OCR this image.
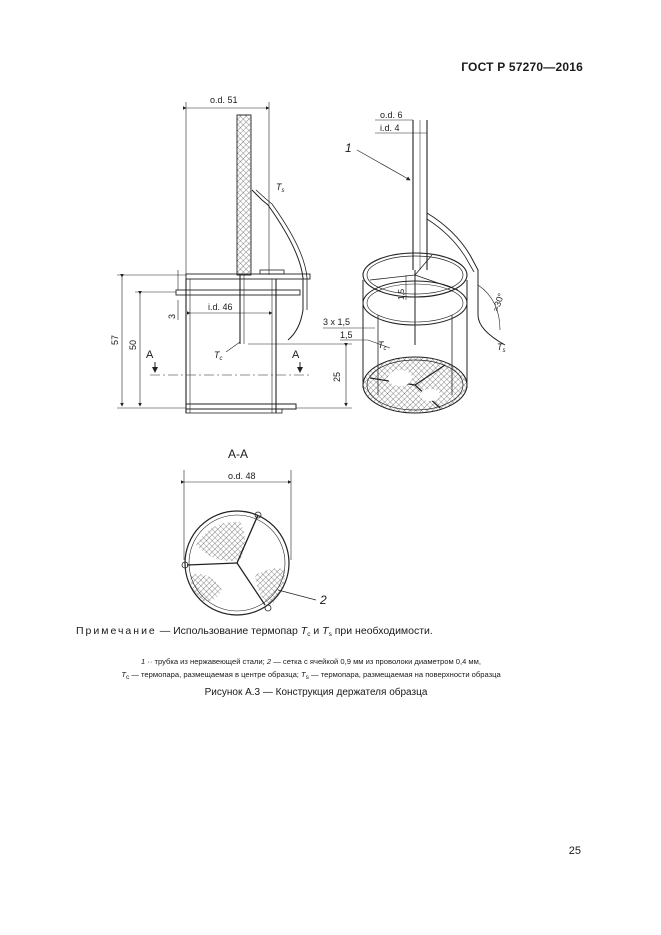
ГОСТ Р 57270—2016
o.d. 51
i.d. 46
57 50
3
25
А	А
$T_s$
$T_c$
1
o.d. 6
i.d. 4
1,5
3 x 1,5
1,5
≈30°
$T_s$
$T_c$
А-А
o.d. 48
2
Примечание — Использование термопар $T_c$ и $T_s$ при необходимости.
1 ·· трубка из нержавеющей стали; 2 — сетка с ячейкой 0,9 мм из проволоки диаметром 0,4 мм,
Tc — термопара, размещаемая в центре образца; Ts — термопара, размещаемая на поверхности образца
Рисунок А.3 — Конструкция держателя образца
25
